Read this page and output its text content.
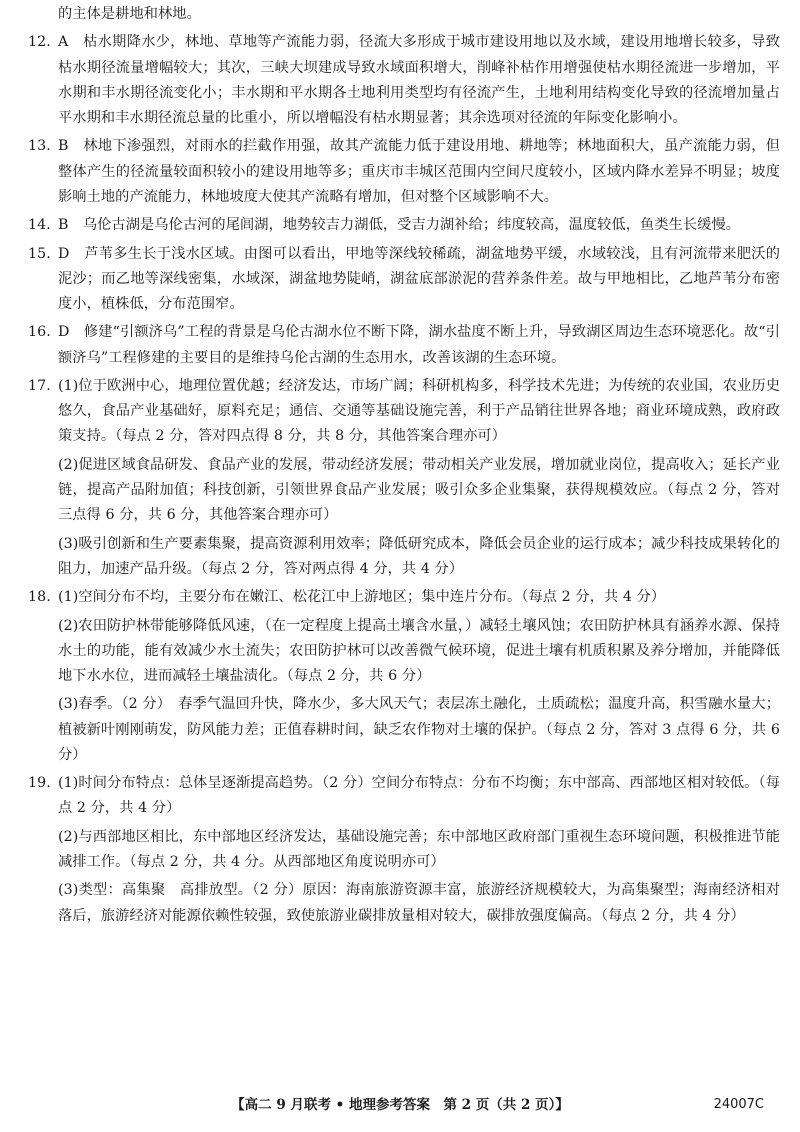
的主体是耕地和林地。

12. A　 枯水期降水少，林地、草地等产流能力弱，径流大多形成于城市建设用地以及水域，建设用地增长较多，导致枯水期径流量增幅较大；其次，三峡大坝建成导致水域面积增大，削峰补枯作用增强使枯水期径流进一步增加，平水期和丰水期径流变化小；丰水期和平水期各土地利用类型均有径流产生，土地利用结构变化导致的径流增加量占平水期和丰水期径流总量的比重小，所以增幅没有枯水期显著；其余选项对径流的年际变化影响小。

13. B　 林地下渗强烈，对雨水的拦截作用强，故其产流能力低于建设用地、耕地等；林地面积大，虽产流能力弱，但整体产生的径流量较面积较小的建设用地等多；重庆市丰城区范围内空间尺度较小，区域内降水差异不明显；坡度影响土地的产流能力，林地坡度大使其产流略有增加，但对整个区域影响不大。

14. B　 乌伦古湖是乌伦古河的尾闾湖，地势较吉力湖低，受吉力湖补给；纬度较高，温度较低，鱼类生长缓慢。

15. D　 芦苇多生长于浅水区域。由图可以看出，甲地等深线较稀疏，湖盆地势平缓，水域较浅，且有河流带来肥沃的泥沙；而乙地等深线密集，水域深，湖盆地势陡峭，湖盆底部淤泥的营养条件差。故与甲地相比，乙地芦苇分布密度小，植株低，分布范围窄。

16. D　 修建“引额济乌”工程的背景是乌伦古湖水位不断下降，湖水盐度不断上升，导致湖区周边生态环境恶化。故“引额济乌”工程修建的主要目的是维持乌伦古湖的生态用水，改善该湖的生态环境。

17. (1)位于欧洲中心，地理位置优越；经济发达，市场广阔；科研机构多，科学技术先进；为传统的农业国，农业历史悠久，食品产业基础好，原料充足；通信、交通等基础设施完善，利于产品销往世界各地；商业环境成熟，政府政策支持。（每点 2 分，答对四点得 8 分，共 8 分，其他答案合理亦可）

(2)促进区域食品研发、食品产业的发展，带动经济发展；带动相关产业发展，增加就业岗位，提高收入；延长产业链，提高产品附加值；科技创新，引领世界食品产业发展；吸引众多企业集聚，获得规模效应。（每点 2 分，答对三点得 6 分，共 6 分，其他答案合理亦可）

(3)吸引创新和生产要素集聚，提高资源利用效率；降低研究成本，降低会员企业的运行成本；减少科技成果转化的阻力，加速产品升级。（每点 2 分，答对两点得 4 分，共 4 分）

18. (1)空间分布不均，主要分布在嫩江、松花江中上游地区；集中连片分布。（每点 2 分，共 4 分）

(2)农田防护林带能够降低风速，（在一定程度上提高土壤含水量，）减轻土壤风蚀；农田防护林具有涵养水源、保持水土的功能，能有效减少水土流失；农田防护林可以改善微气候环境，促进土壤有机质积累及养分增加，并能降低地下水水位，进而减轻土壤盐渍化。（每点 2 分，共 6 分）

(3)春季。（2 分）　春季气温回升快，降水少，多大风天气；表层冻土融化，土质疏松；温度升高，积雪融水量大；植被新叶刚刚萌发，防风能力差；正值春耕时间，缺乏农作物对土壤的保护。（每点 2 分，答对 3 点得 6 分，共 6 分）

19. (1)时间分布特点：总体呈逐渐提高趋势。（2 分）空间分布特点：分布不均衡；东中部高、西部地区相对较低。（每点 2 分，共 4 分）

(2)与西部地区相比，东中部地区经济发达，基础设施完善；东中部地区政府部门重视生态环境问题，积极推进节能减排工作。（每点 2 分，共 4 分。从西部地区角度说明亦可）

(3)类型：高集聚　高排放型。（2 分）原因：海南旅游资源丰富，旅游经济规模较大，为高集聚型；海南经济相对落后，旅游经济对能源依赖性较强，致使旅游业碳排放量相对较大，碳排放强度偏高。（每点 2 分，共 4 分）

【高二 9 月联考 • 地理参考答案　第 2 页（共 2 页）】	24007C
